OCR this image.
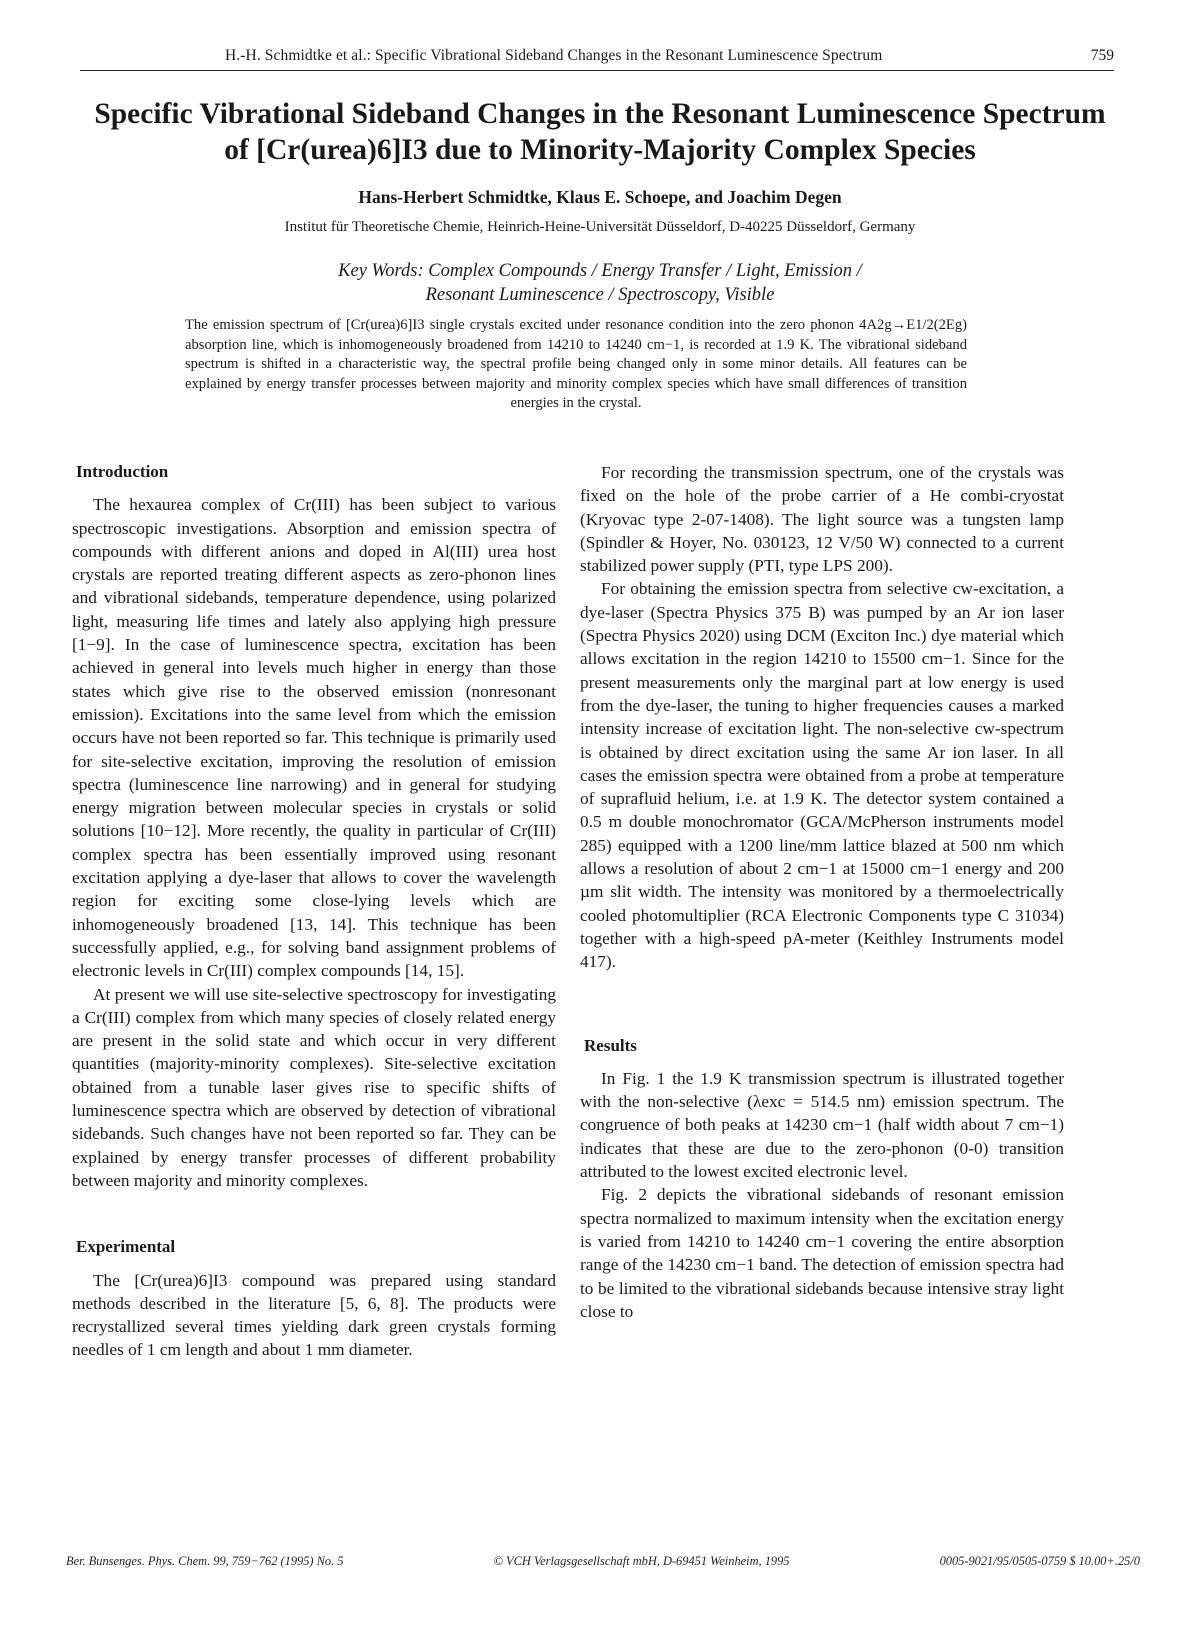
H.-H. Schmidtke et al.: Specific Vibrational Sideband Changes in the Resonant Luminescence Spectrum	759
Specific Vibrational Sideband Changes in the Resonant Luminescence Spectrum
of [Cr(urea)6]I3 due to Minority-Majority Complex Species
Hans-Herbert Schmidtke, Klaus E. Schoepe, and Joachim Degen
Institut für Theoretische Chemie, Heinrich-Heine-Universität Düsseldorf, D-40225 Düsseldorf, Germany
Key Words: Complex Compounds / Energy Transfer / Light, Emission /
Resonant Luminescence / Spectroscopy, Visible
The emission spectrum of [Cr(urea)6]I3 single crystals excited under resonance condition into the zero phonon 4A2g→E1/2(2Eg) absorption line, which is inhomogeneously broadened from 14210 to 14240 cm−1, is recorded at 1.9 K. The vibrational sideband spectrum is shifted in a characteristic way, the spectral profile being changed only in some minor details. All features can be explained by energy transfer processes between majority and minority complex species which have small differences of transition energies in the crystal.
Introduction

The hexaurea complex of Cr(III) has been subject to various spectroscopic investigations. Absorption and emission spectra of compounds with different anions and doped in Al(III) urea host crystals are reported treating different aspects as zero-phonon lines and vibrational sidebands, temperature dependence, using polarized light, measuring life times and lately also applying high pressure [1−9]. In the case of luminescence spectra, excitation has been achieved in general into levels much higher in energy than those states which give rise to the observed emission (nonresonant emission). Excitations into the same level from which the emission occurs have not been reported so far. This technique is primarily used for site-selective excitation, improving the resolution of emission spectra (luminescence line narrowing) and in general for studying energy migration between molecular species in crystals or solid solutions [10−12]. More recently, the quality in particular of Cr(III) complex spectra has been essentially improved using resonant excitation applying a dye-laser that allows to cover the wavelength region for exciting some close-lying levels which are inhomogeneously broadened [13, 14]. This technique has been successfully applied, e.g., for solving band assignment problems of electronic levels in Cr(III) complex compounds [14, 15].

At present we will use site-selective spectroscopy for investigating a Cr(III) complex from which many species of closely related energy are present in the solid state and which occur in very different quantities (majority-minority complexes). Site-selective excitation obtained from a tunable laser gives rise to specific shifts of luminescence spectra which are observed by detection of vibrational sidebands. Such changes have not been reported so far. They can be explained by energy transfer processes of different probability between majority and minority complexes.

Experimental

The [Cr(urea)6]I3 compound was prepared using standard methods described in the literature [5, 6, 8]. The products were recrystallized several times yielding dark green crystals forming needles of 1 cm length and about 1 mm diameter.

For recording the transmission spectrum, one of the crystals was fixed on the hole of the probe carrier of a He combi-cryostat (Kryovac type 2-07-1408). The light source was a tungsten lamp (Spindler & Hoyer, No. 030123, 12 V/50 W) connected to a current stabilized power supply (PTI, type LPS 200).

For obtaining the emission spectra from selective cw-excitation, a dye-laser (Spectra Physics 375 B) was pumped by an Ar ion laser (Spectra Physics 2020) using DCM (Exciton Inc.) dye material which allows excitation in the region 14210 to 15500 cm−1. Since for the present measurements only the marginal part at low energy is used from the dye-laser, the tuning to higher frequencies causes a marked intensity increase of excitation light. The non-selective cw-spectrum is obtained by direct excitation using the same Ar ion laser. In all cases the emission spectra were obtained from a probe at temperature of suprafluid helium, i.e. at 1.9 K. The detector system contained a 0.5 m double monochromator (GCA/McPherson instruments model 285) equipped with a 1200 line/mm lattice blazed at 500 nm which allows a resolution of about 2 cm−1 at 15000 cm−1 energy and 200 µm slit width. The intensity was monitored by a thermoelectrically cooled photomultiplier (RCA Electronic Components type C 31034) together with a high-speed pA-meter (Keithley Instruments model 417).

Results

In Fig. 1 the 1.9 K transmission spectrum is illustrated together with the non-selective (λexc = 514.5 nm) emission spectrum. The congruence of both peaks at 14230 cm−1 (half width about 7 cm−1) indicates that these are due to the zero-phonon (0-0) transition attributed to the lowest excited electronic level.

Fig. 2 depicts the vibrational sidebands of resonant emission spectra normalized to maximum intensity when the excitation energy is varied from 14210 to 14240 cm−1 covering the entire absorption range of the 14230 cm−1 band. The detection of emission spectra had to be limited to the vibrational sidebands because intensive stray light close to

Ber. Bunsenges. Phys. Chem. 99, 759−762 (1995) No. 5	© VCH Verlagsgesellschaft mbH, D-69451 Weinheim, 1995	0005-9021/95/0505-0759 $ 10.00+.25/0
